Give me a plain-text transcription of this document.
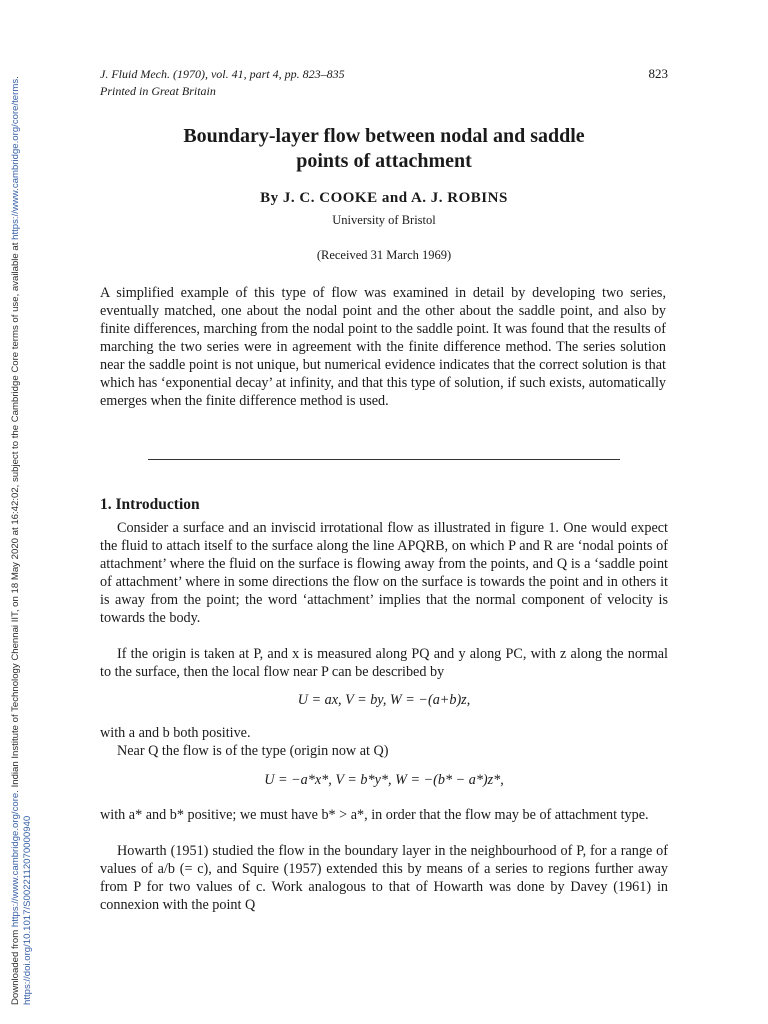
Downloaded from https://www.cambridge.org/core. Indian Institute of Technology Chennai IIT, on 18 May 2020 at 16:42:02, subject to the Cambridge Core terms of use, available at https://www.cambridge.org/core/terms.
https://doi.org/10.1017/S0022112070000940
J. Fluid Mech. (1970), vol. 41, part 4, pp. 823–835
Printed in Great Britain
823
Boundary-layer flow between nodal and saddle
points of attachment
By J. C. COOKE and A. J. ROBINS
University of Bristol
(Received 31 March 1969)
A simplified example of this type of flow was examined in detail by developing two series, eventually matched, one about the nodal point and the other about the saddle point, and also by finite differences, marching from the nodal point to the saddle point. It was found that the results of marching the two series were in agreement with the finite difference method. The series solution near the saddle point is not unique, but numerical evidence indicates that the correct solution is that which has ‘exponential decay’ at infinity, and that this type of solution, if such exists, automatically emerges when the finite difference method is used.
1. Introduction
Consider a surface and an inviscid irrotational flow as illustrated in figure 1. One would expect the fluid to attach itself to the surface along the line APQRB, on which P and R are ‘nodal points of attachment’ where the fluid on the surface is flowing away from the points, and Q is a ‘saddle point of attachment’ where in some directions the flow on the surface is towards the point and in others it is away from the point; the word ‘attachment’ implies that the normal component of velocity is towards the body.
If the origin is taken at P, and x is measured along PQ and y along PC, with z along the normal to the surface, then the local flow near P can be described by
U = ax, V = by, W = −(a+b)z,
with a and b both positive.
Near Q the flow is of the type (origin now at Q)
U = −a*x*, V = b*y*, W = −(b* − a*)z*,
with a* and b* positive; we must have b* > a*, in order that the flow may be of attachment type.
Howarth (1951) studied the flow in the boundary layer in the neighbourhood of P, for a range of values of a/b (= c), and Squire (1957) extended this by means of a series to regions further away from P for two values of c. Work analogous to that of Howarth was done by Davey (1961) in connexion with the point Q
